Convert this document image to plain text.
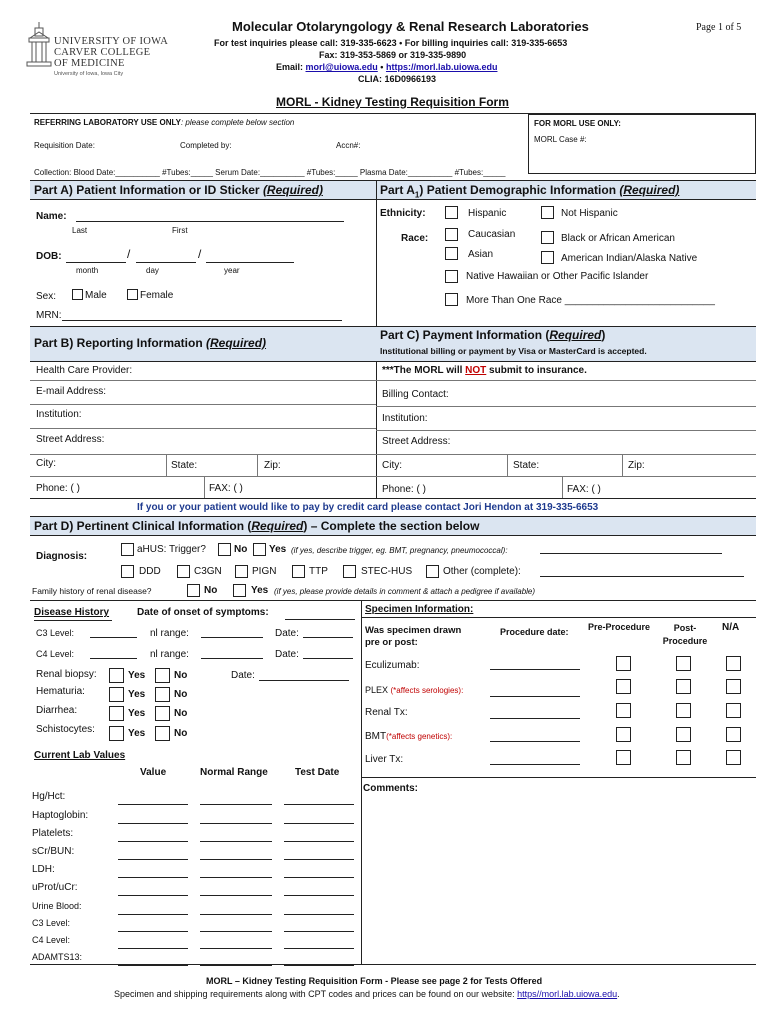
UNIVERSITY OF IOWA
CARVER COLLEGE
OF MEDICINE
University of Iowa, Iowa City
Molecular Otolaryngology & Renal Research Laboratories	Page 1 of 5
For test inquiries please call: 319-335-6623 • For billing inquiries call: 319-335-6653
Fax: 319-353-5869 or 319-335-9890
Email: morl@uiowa.edu • https://morl.lab.uiowa.edu
CLIA: 16D0966193
MORL - Kidney Testing Requisition Form
REFERRING LABORATORY USE ONLY: please complete below section
Requisition Date:	Completed by:	Accn#:
FOR MORL USE ONLY:
MORL Case #:
Collection: Blood Date:__________ #Tubes:_____ Serum Date:__________ #Tubes:_____ Plasma Date:__________ #Tubes:_____
Part A) Patient Information or ID Sticker (Required)	Part $A_1$) Patient Demographic Information (Required)
Name:
Last	First
DOB:	/	/
month	day	year
Sex:	Male	Female
MRN:
Ethnicity:	Hispanic	Not Hispanic
Race:	Caucasian	Black or African American
Asian	American Indian/Alaska Native
Native Hawaiian or Other Pacific Islander
More Than One Race ___________________________
Part B) Reporting Information (Required)
Part C) Payment Information (Required)
Institutional billing or payment by Visa or MasterCard is accepted.
Health Care Provider:
E-mail Address:
Institution:
Street Address:
City:	State:	Zip:
Phone: ( )	FAX: ( )
***The MORL will NOT submit to insurance.
Billing Contact:
Institution:
Street Address:
City:	State:	Zip:
Phone: ( )	FAX: ( )
If you or your patient would like to pay by credit card please contact Jori Hendon at 319-335-6653
Part D) Pertinent Clinical Information (Required) – Complete the section below
Diagnosis:
aHUS: Trigger?	No Yes (if yes, describe trigger, eg. BMT, pregnancy, pneumococcal):
DDD	C3GN	PIGN	TTP	STEC-HUS	Other (complete):
Family history of renal disease?	No	Yes (if yes, please provide details in comment & attach a pedigree if available)
Disease History	Date of onset of symptoms:
C3 Level:	nl range:	Date:
C4 Level:	nl range:	Date:
Renal biopsy:	Yes	No	Date:
Hematuria:	Yes	No
Diarrhea:	Yes	No
Schistocytes:	Yes	No
Current Lab Values
Value	Normal Range	Test Date
Hg/Hct:
Haptoglobin:
Platelets:
sCr/BUN:
LDH:
uProt/uCr:
Urine Blood:
C3 Level:
C4 Level:
ADAMTS13:
Specimen Information:
Was specimen drawn pre or post:
Procedure date: Pre-Procedure	Post-Procedure
N/A
Eculizumab:
PLEX (*affects serologies):
Renal Tx:
BMT(*affects genetics):
Liver Tx:
Comments:
MORL – Kidney Testing Requisition Form - Please see page 2 for Tests Offered
Specimen and shipping requirements along with CPT codes and prices can be found on our website: https//morl.lab.uiowa.edu.
